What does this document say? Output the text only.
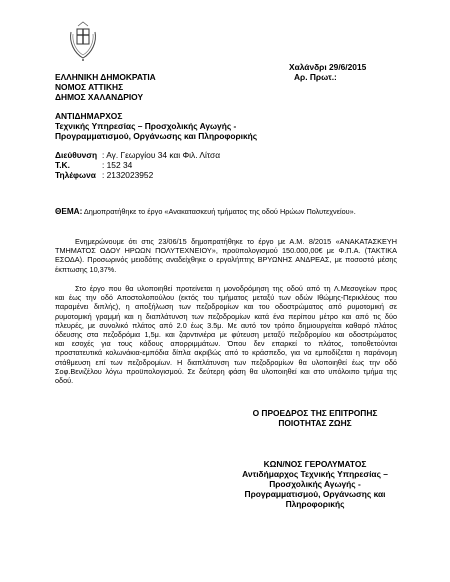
Χαλάνδρι 29/6/2015
Αρ. Πρωτ.:
ΕΛΛΗΝΙΚΗ ΔΗΜΟΚΡΑΤΙΑ
ΝΟΜΟΣ ΑΤΤΙΚΗΣ
ΔΗΜΟΣ ΧΑΛΑΝΔΡΙΟΥ
ΑΝΤΙΔΗΜΑΡΧΟΣ
Τεχνικής Υπηρεσίας – Προσχολικής Αγωγής -
Προγραμματισμού, Οργάνωσης και Πληροφορικής
Διεύθυνση : Αγ. Γεωργίου 34 και Φιλ. Λίτσα
Τ.Κ.	: 152 34
Τηλέφωνα : 2132023952
ΘΕΜΑ: Δημοπρατήθηκε το έργο «Ανακατασκευή τμήματος της οδού Ηρώων Πολυτεχνείου».
Ενημερώνουμε ότι στις 23/06/15 δημοπρατήθηκε το έργο με Α.Μ. 8/2015 «ΑΝΑΚΑΤΑΣΚΕΥΗ
ΤΜΗΜΑΤΟΣ ΟΔΟΥ ΗΡΩΩΝ ΠΟΛΥΤΕΧΝΕΙΟΥ», προϋπολογισμού 150.000,00€ με Φ.Π.Α. (ΤΑΚΤΙΚΑ
ΕΣΟΔΑ). Προσωρινός μειοδότης αναδείχθηκε ο εργολήπτης ΒΡΥΩΝΗΣ ΑΝΔΡΕΑΣ, με ποσοστό μέσης
έκπτωσης 10,37%.
Στο έργο που θα υλοποιηθεί προτείνεται η μονοδρόμηση της οδού από τη Λ.Μεσογείων προς
και έως την οδό Αποστολοπούλου (εκτός του τμήματος μεταξύ των οδών Ιθώμης-Περικλέους που
παραμένει διπλής), η αποξήλωση των πεζοδρομίων και του οδοστρώματος από ρυμοτομική σε
ρυμοτομική γραμμή και η διαπλάτυνση των πεζοδρομίων κατά ένα περίπου μέτρο και από τις δύο
πλευρές, με συνολικό πλάτος από 2.0 έως 3.5μ. Με αυτό τον τρόπο δημιουργείται καθαρό πλάτος
όδευσης στα πεζοδρόμια 1,5μ. και ζαρντινιέρα με φύτευση μεταξύ πεζοδρομίου και οδοστρώματος
και εσοχές για τους κάδους απορριμμάτων. Όπου δεν επαρκεί το πλάτος, τοποθετούνται
προστατευτικά κολωνάκια-εμπόδια δίπλα ακριβώς από το κράσπεδο, για να εμποδίζεται η παράνομη
στάθμευση επί των πεζοδρομίων. Η διαπλάτυνση των πεζοδρομίων θα υλοποιηθεί έως την οδό
Σοφ.Βενιζέλου λόγω προϋπολογισμού. Σε δεύτερη φάση θα υλοποιηθεί και στο υπόλοιπο τμήμα της
οδού.
Ο ΠΡΟΕΔΡΟΣ ΤΗΣ ΕΠΙΤΡΟΠΗΣ
ΠΟΙΟΤΗΤΑΣ ΖΩΗΣ
ΚΩΝ/ΝΟΣ ΓΕΡΟΛΥΜΑΤΟΣ
Αντιδήμαρχος Τεχνικής Υπηρεσίας –
Προσχολικής Αγωγής -
Προγραμματισμού, Οργάνωσης και
Πληροφορικής
